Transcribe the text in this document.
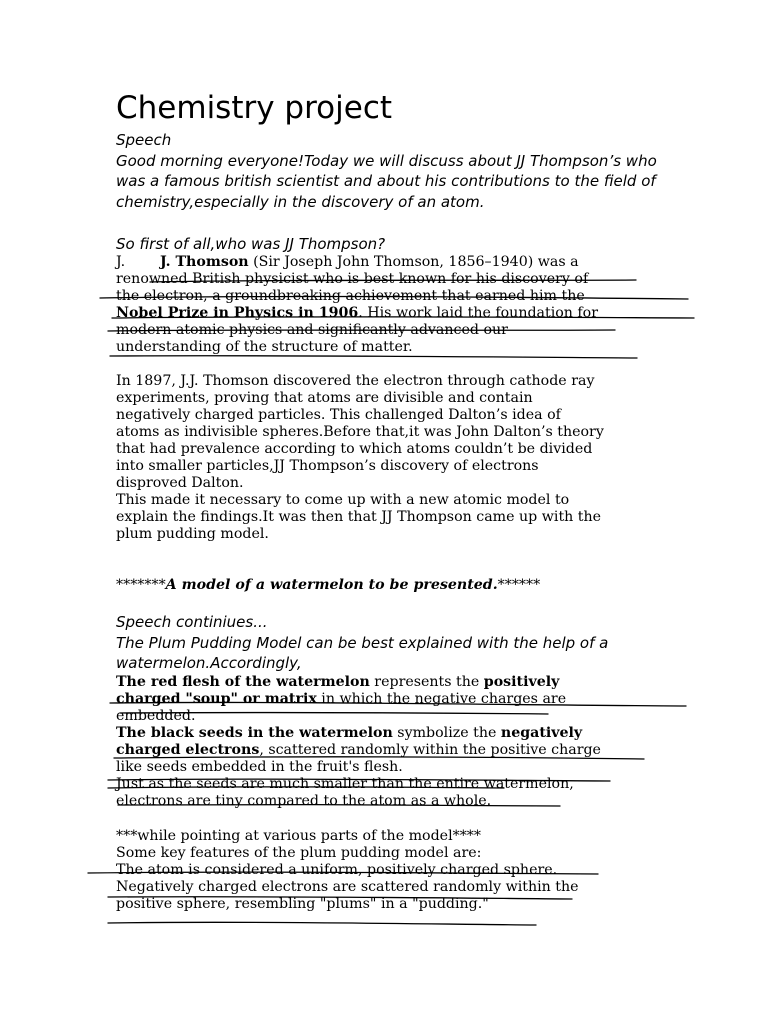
Chemistry project
Speech
Good morning everyone!Today we will discuss about JJ Thompson’s who
was a famous british scientist and about his contributions to the field of
chemistry,especially in the discovery of an atom.
So first of all,who was JJ Thompson?
J. J. Thomson (Sir Joseph John Thomson, 1856–1940) was a
renowned British physicist who is best known for his discovery of
the electron, a groundbreaking achievement that earned him the
Nobel Prize in Physics in 1906. His work laid the foundation for
modern atomic physics and significantly advanced our
understanding of the structure of matter.
In 1897, J.J. Thomson discovered the electron through cathode ray
experiments, proving that atoms are divisible and contain
negatively charged particles. This challenged Dalton’s idea of
atoms as indivisible spheres.Before that,it was John Dalton’s theory
that had prevalence according to which atoms couldn’t be divided
into smaller particles,JJ Thompson’s discovery of electrons
disproved Dalton.
This made it necessary to come up with a new atomic model to
explain the findings.It was then that JJ Thompson came up with the
plum pudding model.
*******A model of a watermelon to be presented.******
Speech continiues...
The Plum Pudding Model can be best explained with the help of a
watermelon.Accordingly,
The red flesh of the watermelon represents the positively
charged "soup" or matrix in which the negative charges are
embedded.
The black seeds in the watermelon symbolize the negatively
charged electrons, scattered randomly within the positive charge
like seeds embedded in the fruit's flesh.
Just as the seeds are much smaller than the entire watermelon,
electrons are tiny compared to the atom as a whole.
***while pointing at various parts of the model****
Some key features of the plum pudding model are:
The atom is considered a uniform, positively charged sphere.
Negatively charged electrons are scattered randomly within the
positive sphere, resembling "plums" in a "pudding."
